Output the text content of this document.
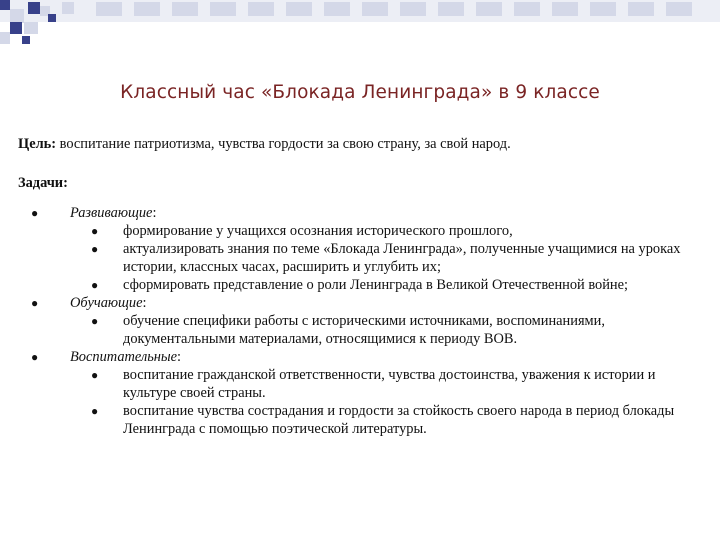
Классный час «Блокада Ленинграда» в 9 классе

Цель: воспитание патриотизма, чувства гордости за свою страну, за свой народ.

Задачи:
● Развивающие:
● формирование у учащихся осознания исторического прошлого,
● актуализировать знания по теме «Блокада Ленинграда», полученные учащимися на уроках истории, классных часах, расширить и углубить их;
● сформировать представление о роли Ленинграда в Великой Отечественной войне;
● Обучающие:
● обучение специфики работы с историческими источниками, воспоминаниями, документальными материалами, относящимися к периоду ВОВ.
● Воспитательные:
● воспитание гражданской ответственности, чувства достоинства, уважения к истории и культуре своей страны.
● воспитание чувства сострадания и гордости за стойкость своего народа в период блокады Ленинграда с помощью поэтической литературы.
